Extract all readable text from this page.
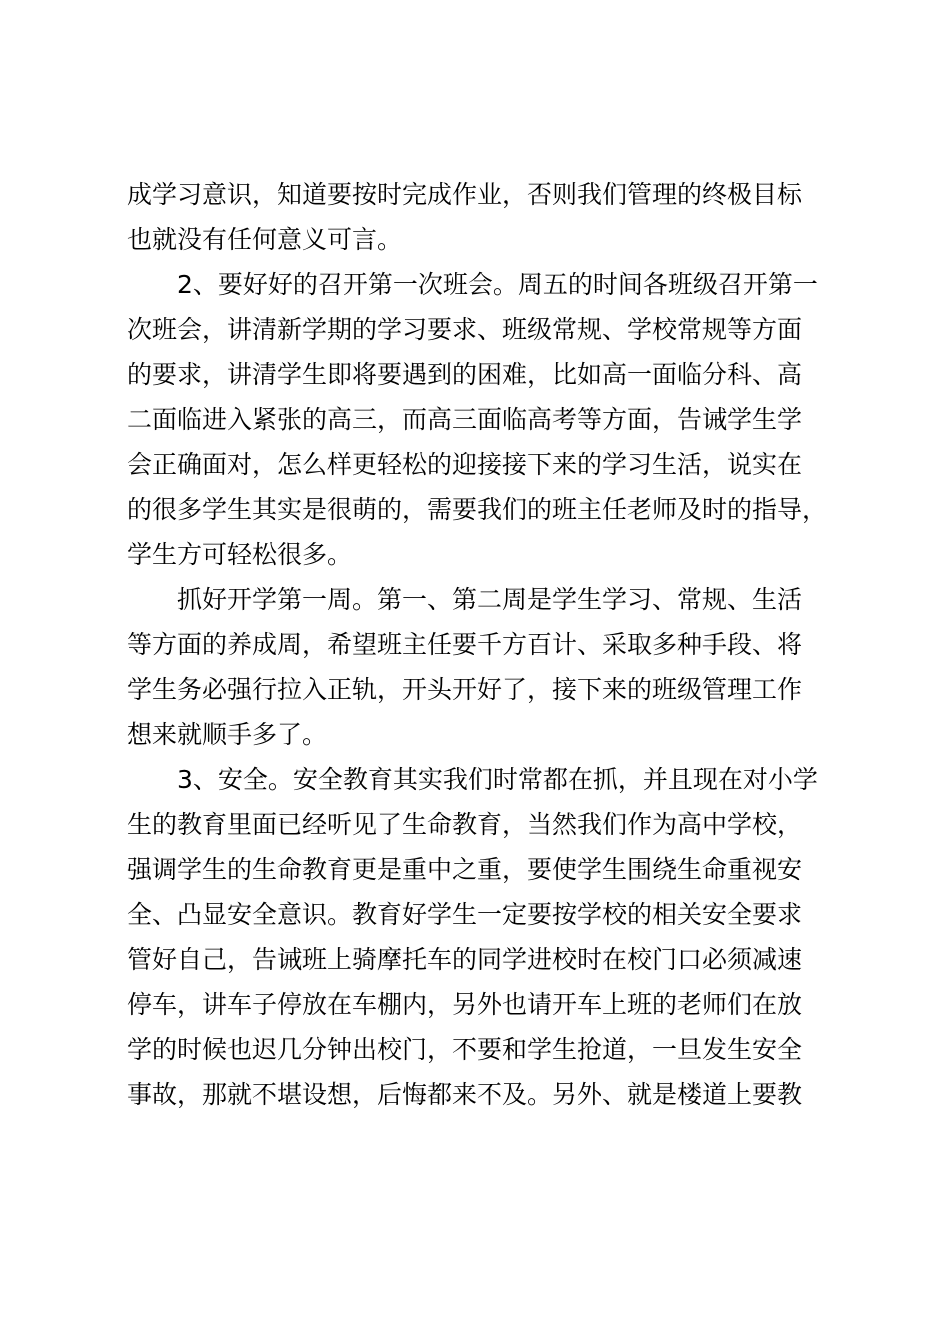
成学习意识，知道要按时完成作业，否则我们管理的终极目标
也就没有任何意义可言。
2、要好好的召开第一次班会。周五的时间各班级召开第一
次班会，讲清新学期的学习要求、班级常规、学校常规等方面
的要求，讲清学生即将要遇到的困难，比如高一面临分科、高
二面临进入紧张的高三，而高三面临高考等方面，告诫学生学
会正确面对，怎么样更轻松的迎接接下来的学习生活，说实在
的很多学生其实是很萌的，需要我们的班主任老师及时的指导，
学生方可轻松很多。
抓好开学第一周。第一、第二周是学生学习、常规、生活
等方面的养成周，希望班主任要千方百计、采取多种手段、将
学生务必强行拉入正轨，开头开好了，接下来的班级管理工作
想来就顺手多了。
3、安全。安全教育其实我们时常都在抓，并且现在对小学
生的教育里面已经听见了生命教育，当然我们作为高中学校，
强调学生的生命教育更是重中之重，要使学生围绕生命重视安
全、凸显安全意识。教育好学生一定要按学校的相关安全要求
管好自己，告诫班上骑摩托车的同学进校时在校门口必须减速
停车，讲车子停放在车棚内，另外也请开车上班的老师们在放
学的时候也迟几分钟出校门，不要和学生抢道，一旦发生安全
事故，那就不堪设想，后悔都来不及。另外、就是楼道上要教
